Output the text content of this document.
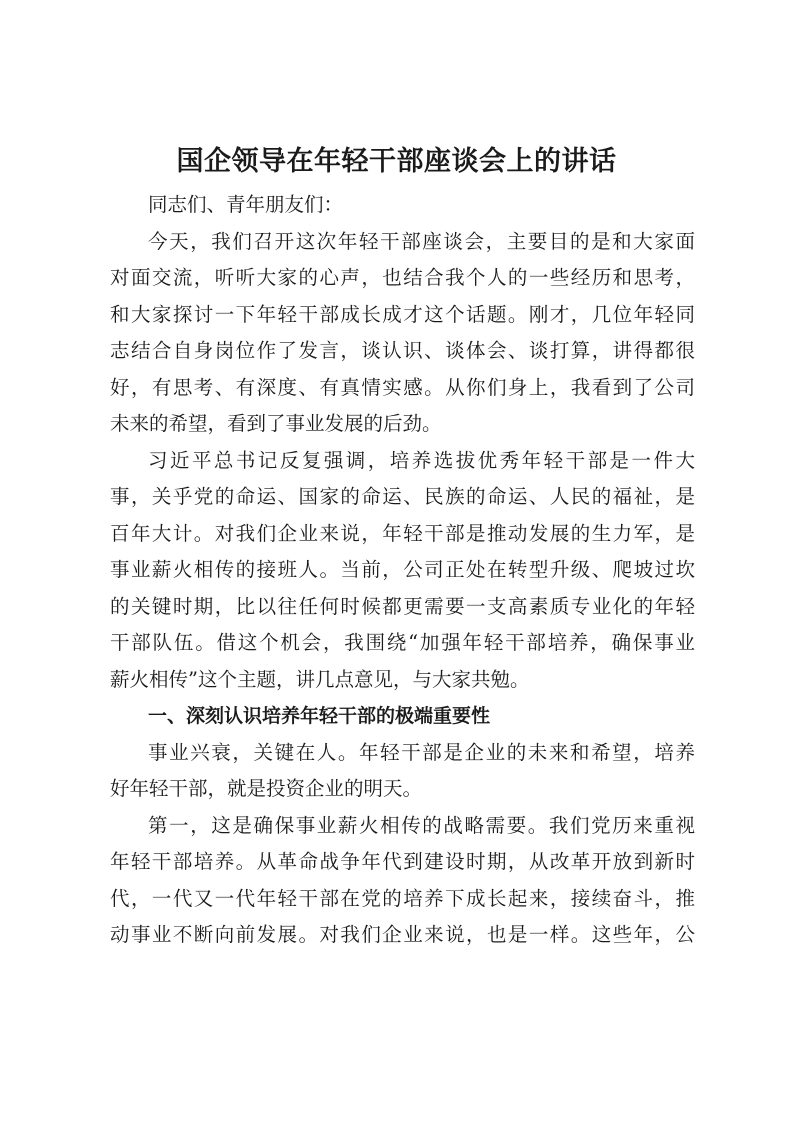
国企领导在年轻干部座谈会上的讲话
同志们、青年朋友们：
今天，我们召开这次年轻干部座谈会，主要目的是和大家面
对面交流，听听大家的心声，也结合我个人的一些经历和思考，
和大家探讨一下年轻干部成长成才这个话题。刚才，几位年轻同
志结合自身岗位作了发言，谈认识、谈体会、谈打算，讲得都很
好，有思考、有深度、有真情实感。从你们身上，我看到了公司
未来的希望，看到了事业发展的后劲。
习近平总书记反复强调，培养选拔优秀年轻干部是一件大
事，关乎党的命运、国家的命运、民族的命运、人民的福祉，是
百年大计。对我们企业来说，年轻干部是推动发展的生力军，是
事业薪火相传的接班人。当前，公司正处在转型升级、爬坡过坎
的关键时期，比以往任何时候都更需要一支高素质专业化的年轻
干部队伍。借这个机会，我围绕“加强年轻干部培养，确保事业
薪火相传”这个主题，讲几点意见，与大家共勉。
一、深刻认识培养年轻干部的极端重要性
事业兴衰，关键在人。年轻干部是企业的未来和希望，培养
好年轻干部，就是投资企业的明天。
第一，这是确保事业薪火相传的战略需要。我们党历来重视
年轻干部培养。从革命战争年代到建设时期，从改革开放到新时
代，一代又一代年轻干部在党的培养下成长起来，接续奋斗，推
动事业不断向前发展。对我们企业来说，也是一样。这些年，公
